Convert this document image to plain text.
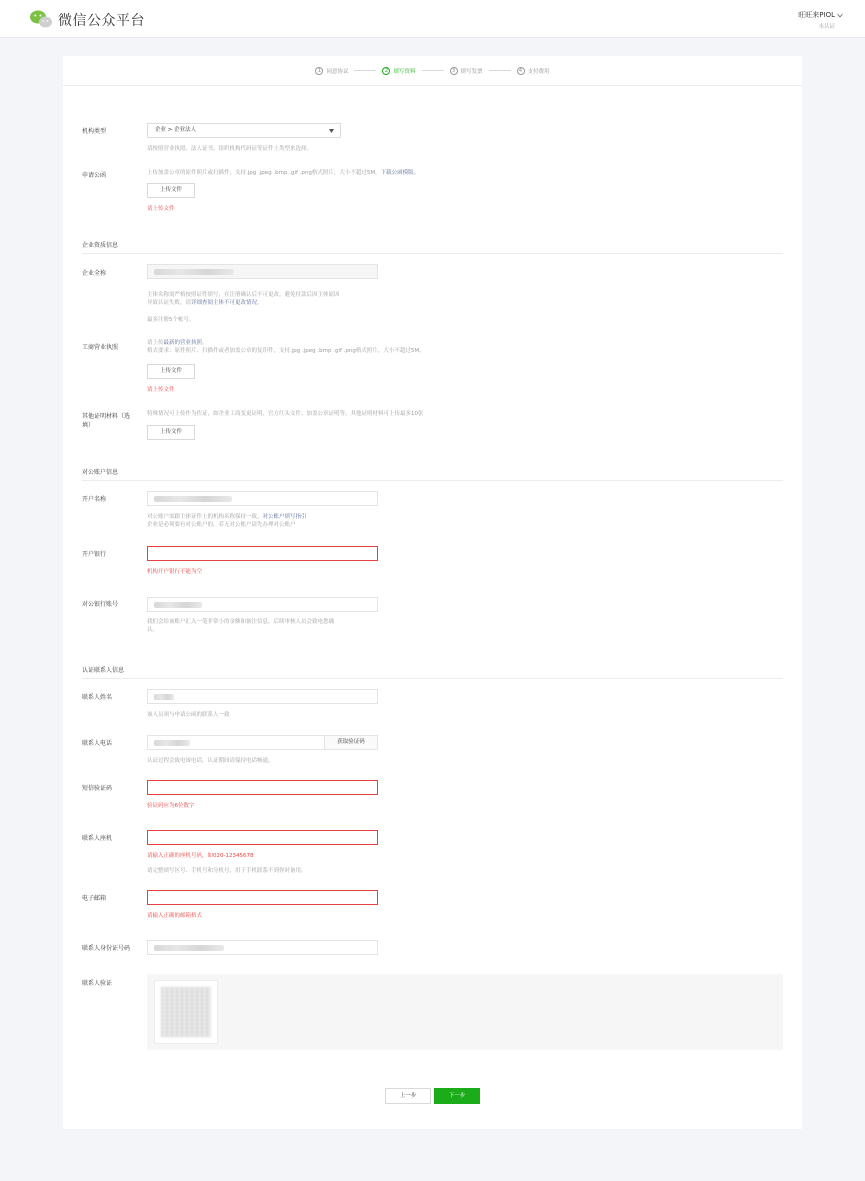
微信公众平台	旺旺来PIOL
未认证
1 同意协议	2 填写资料	3 填写发票	4 支付费用
机构类型	企业 > 企业法人
请按照营业执照、法人证书、组织机构代码证等证件上类型来选择。
申请公函	上传加盖公章的原件照片或扫描件，支持.jpg .jpeg .bmp .gif .png格式照片，大小不超过5M。下载公函模版。
上传文件
请上传文件
企业资质信息
企业全称
主体名称需严格按照证件填写，在注册确认后不可更改。避免付款后因主体原因
导致认证失败，请详细查阅主体不可更改情况。
最多注册5个帐号。
工商营业执照
请上传最新的营业执照。
格式要求：原件照片、扫描件或者加盖公章的复印件，支持.jpg .jpeg .bmp .gif .png格式照片，大小不超过5M。
上传文件
请上传文件
其他证明材料（选
填）
特殊情况可上传作为佐证，如企业工商变更证明、官方红头文件、加盖公章证明等。其他证明材料可上传最多10张
上传文件
对公账户信息
开户名称
对公账户需跟主体证件上的机构名称保持一致。对公账户填写指引
企业是必须要有对公账户的，若无对公账户请先办理对公账户
开户银行
机构开户银行不能为空
对公银行账号
我们会给该账户汇入一笔非常小的金额和备注信息，后续审核人员会致电您确
认。
认证联系人信息
联系人姓名
该人员须与申请公函的联系人一致
联系人电话	获取验证码
认证过程会致电该电话，认证期间请保持电话畅通。
短信验证码
验证码应为6位数字
联系人座机
请输入正确的座机号码，如020-12345678
请完整填写区号、手机号和分机号，用于手机联系不到你时备用。
电子邮箱
请输入正确的邮箱格式
联系人身份证号码
联系人验证
上一步	下一步
